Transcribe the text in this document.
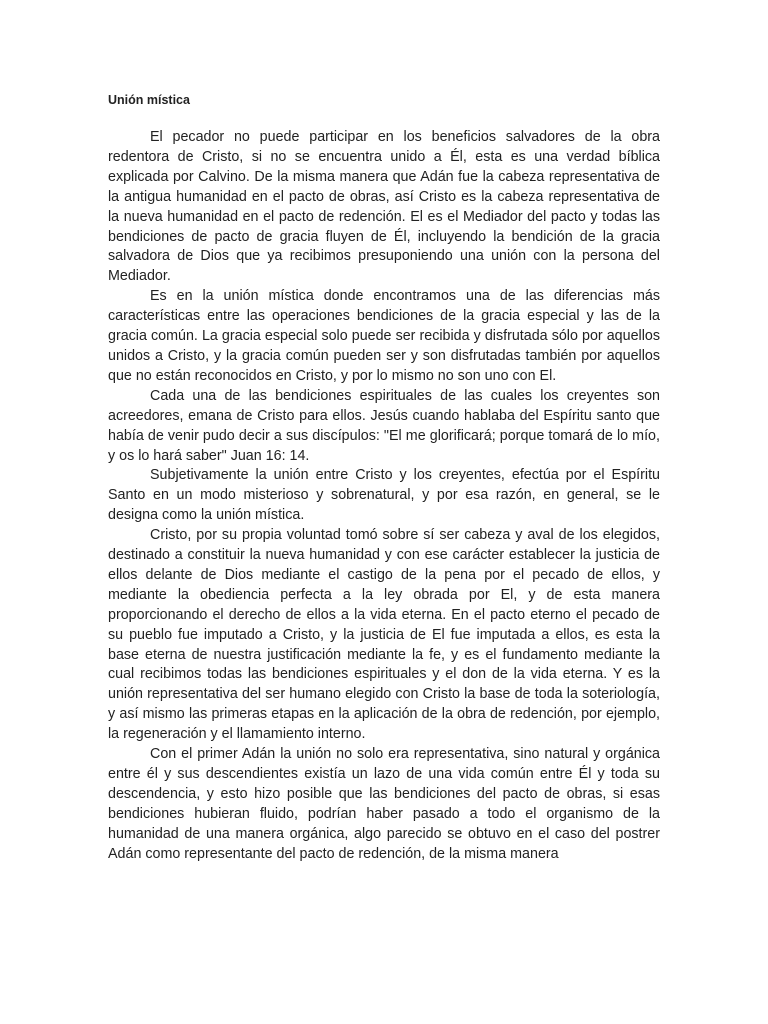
Unión mística

El pecador no puede participar en los beneficios salvadores de la obra redentora de Cristo, si no se encuentra unido a Él, esta es una verdad bíblica explicada por Calvino. De la misma manera que Adán fue la cabeza representativa de la antigua humanidad en el pacto de obras, así Cristo es la cabeza representativa de la nueva humanidad en el pacto de redención. El es el Mediador del pacto y todas las bendiciones de pacto de gracia fluyen de Él, incluyendo la bendición de la gracia salvadora de Dios que ya recibimos presuponiendo una unión con la persona del Mediador.

Es en la unión mística donde encontramos una de las diferencias más características entre las operaciones bendiciones de la gracia especial y las de la gracia común. La gracia especial solo puede ser recibida y disfrutada sólo por aquellos unidos a Cristo, y la gracia común pueden ser y son disfrutadas también por aquellos que no están reconocidos en Cristo, y por lo mismo no son uno con El.

Cada una de las bendiciones espirituales de las cuales los creyentes son acreedores, emana de Cristo para ellos. Jesús cuando hablaba del Espíritu santo que había de venir pudo decir a sus discípulos: "El me glorificará; porque tomará de lo mío, y os lo hará saber" Juan 16: 14.

Subjetivamente la unión entre Cristo y los creyentes, efectúa por el Espíritu Santo en un modo misterioso y sobrenatural, y por esa razón, en general, se le designa como la unión mística.

Cristo, por su propia voluntad tomó sobre sí ser cabeza y aval de los elegidos, destinado a constituir la nueva humanidad y con ese carácter establecer la justicia de ellos delante de Dios mediante el castigo de la pena por el pecado de ellos, y mediante la obediencia perfecta a la ley obrada por El, y de esta manera proporcionando el derecho de ellos a la vida eterna. En el pacto eterno el pecado de su pueblo fue imputado a Cristo, y la justicia de El fue imputada a ellos, es esta la base eterna de nuestra justificación mediante la fe, y es el fundamento mediante la cual recibimos todas las bendiciones espirituales y el don de la vida eterna. Y es la unión representativa del ser humano elegido con Cristo la base de toda la soteriología, y así mismo las primeras etapas en la aplicación de la obra de redención, por ejemplo, la regeneración y el llamamiento interno.

Con el primer Adán la unión no solo era representativa, sino natural y orgánica entre él y sus descendientes existía un lazo de una vida común entre Él y toda su descendencia, y esto hizo posible que las bendiciones del pacto de obras, si esas bendiciones hubieran fluido, podrían haber pasado a todo el organismo de la humanidad de una manera orgánica, algo parecido se obtuvo en el caso del postrer Adán como representante del pacto de redención, de la misma manera
